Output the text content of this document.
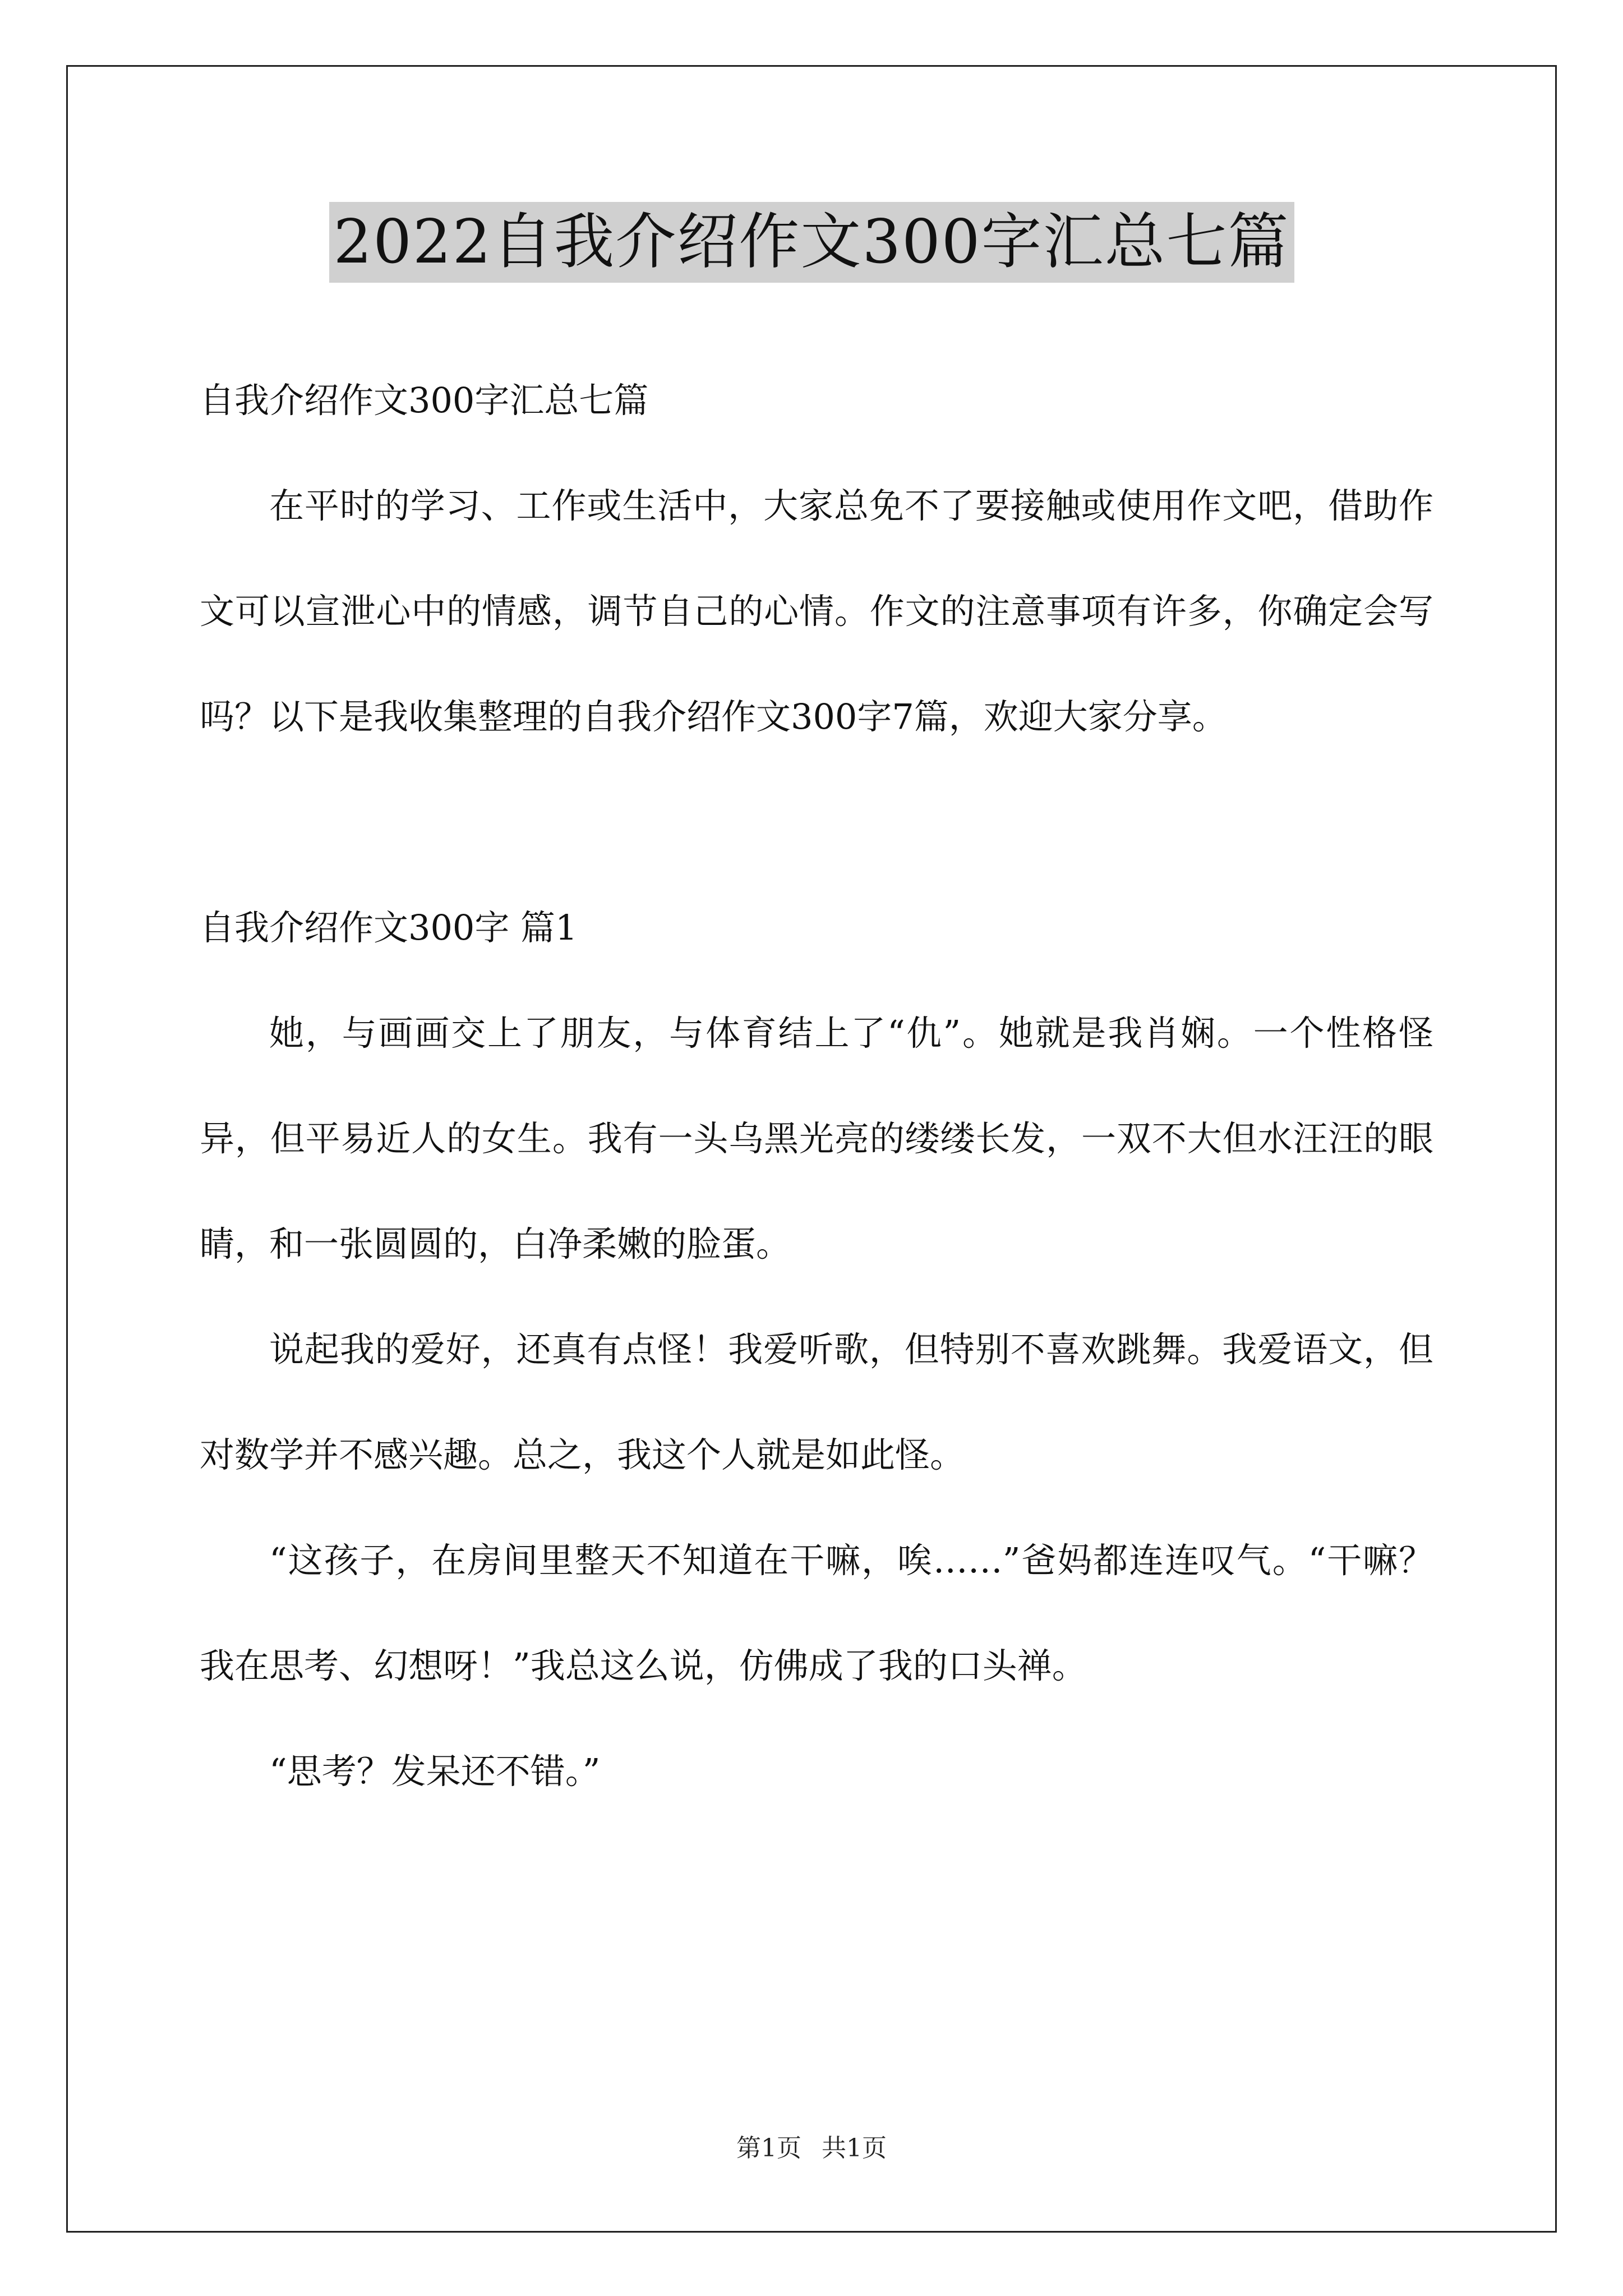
2022自我介绍作文300字汇总七篇

自我介绍作文300字汇总七篇

在平时的学习、工作或生活中，大家总免不了要接触或使用作文吧，借助作文可以宣泄心中的情感，调节自己的心情。作文的注意事项有许多，你确定会写吗？以下是我收集整理的自我介绍作文300字7篇，欢迎大家分享。

自我介绍作文300字 篇1

她，与画画交上了朋友，与体育结上了“仇”。她就是我肖娴。一个性格怪异，但平易近人的女生。我有一头乌黑光亮的缕缕长发，一双不大但水汪汪的眼睛，和一张圆圆的，白净柔嫩的脸蛋。

说起我的爱好，还真有点怪！我爱听歌，但特别不喜欢跳舞。我爱语文，但对数学并不感兴趣。总之，我这个人就是如此怪。

“这孩子，在房间里整天不知道在干嘛，唉……”爸妈都连连叹气。“干嘛？我在思考、幻想呀！”我总这么说，仿佛成了我的口头禅。

“思考？发呆还不错。”

第1页 共1页
